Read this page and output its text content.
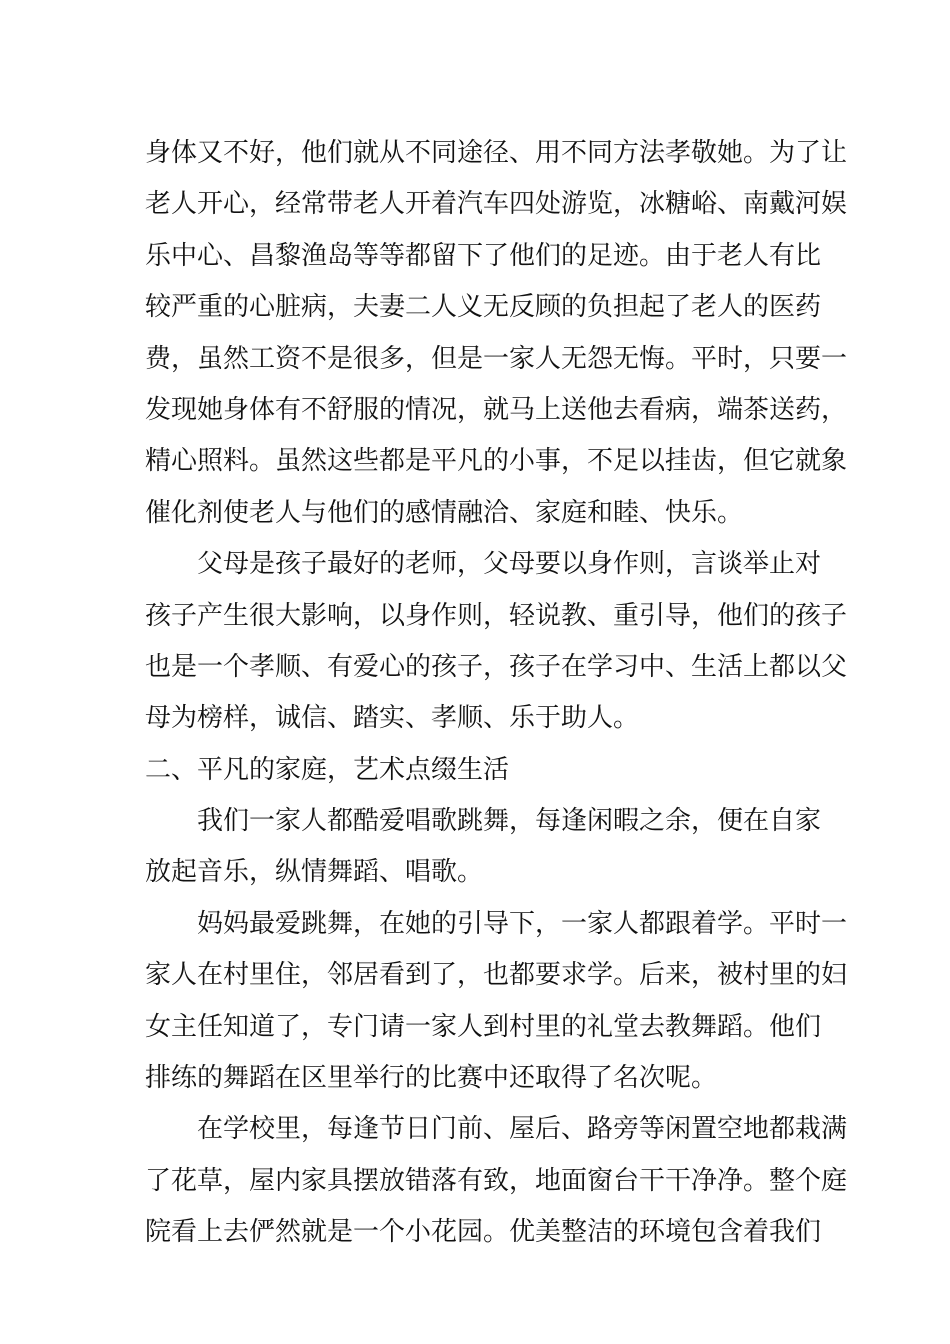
身体又不好，他们就从不同途径、用不同方法孝敬她。为了让
老人开心，经常带老人开着汽车四处游览，冰糖峪、南戴河娱
乐中心、昌黎渔岛等等都留下了他们的足迹。由于老人有比
较严重的心脏病，夫妻二人义无反顾的负担起了老人的医药
费，虽然工资不是很多，但是一家人无怨无悔。平时，只要一
发现她身体有不舒服的情况，就马上送他去看病，端茶送药，
精心照料。虽然这些都是平凡的小事，不足以挂齿，但它就象
催化剂使老人与他们的感情融洽、家庭和睦、快乐。
父母是孩子最好的老师，父母要以身作则，言谈举止对
孩子产生很大影响，以身作则，轻说教、重引导，他们的孩子
也是一个孝顺、有爱心的孩子，孩子在学习中、生活上都以父
母为榜样，诚信、踏实、孝顺、乐于助人。
二、平凡的家庭，艺术点缀生活
我们一家人都酷爱唱歌跳舞，每逢闲暇之余，便在自家
放起音乐，纵情舞蹈、唱歌。
妈妈最爱跳舞，在她的引导下，一家人都跟着学。平时一
家人在村里住，邻居看到了，也都要求学。后来，被村里的妇
女主任知道了，专门请一家人到村里的礼堂去教舞蹈。他们
排练的舞蹈在区里举行的比赛中还取得了名次呢。
在学校里，每逢节日门前、屋后、路旁等闲置空地都栽满
了花草，屋内家具摆放错落有致，地面窗台干干净净。整个庭
院看上去俨然就是一个小花园。优美整洁的环境包含着我们
